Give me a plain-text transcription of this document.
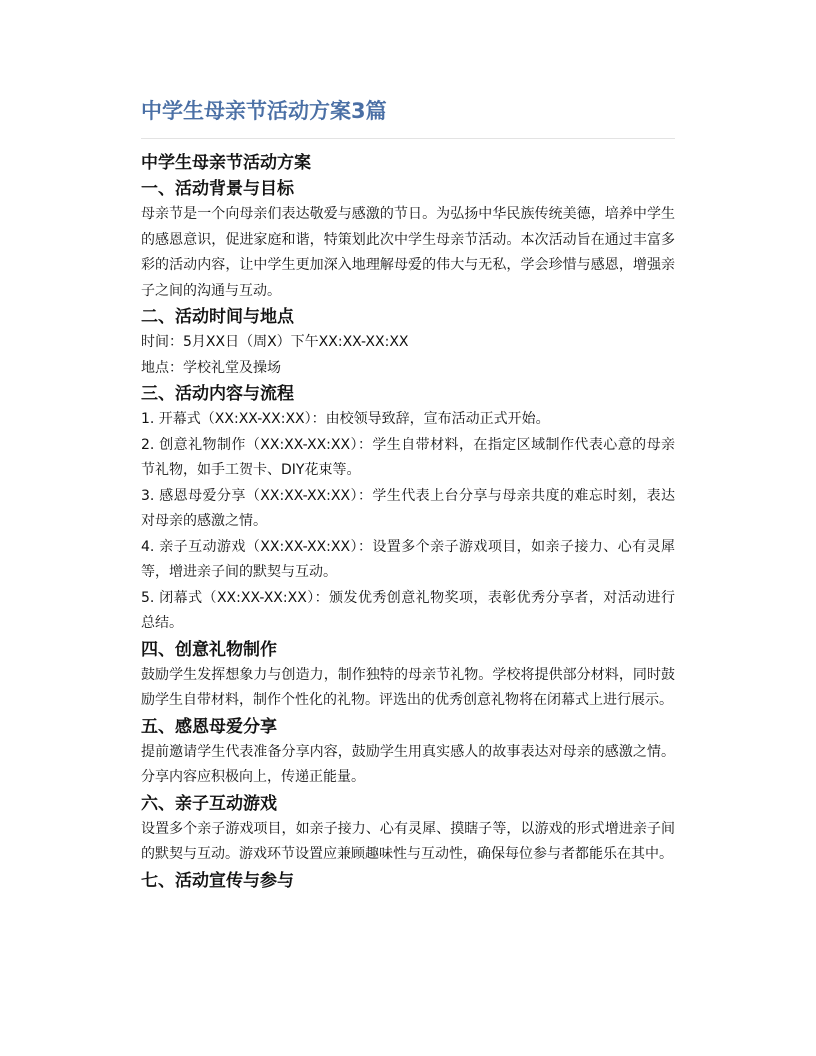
中学生母亲节活动方案3篇
中学生母亲节活动方案
一、活动背景与目标

母亲节是一个向母亲们表达敬爱与感激的节日。为弘扬中华民族传统美德，培养中学生的感恩意识，促进家庭和谐，特策划此次中学生母亲节活动。本次活动旨在通过丰富多彩的活动内容，让中学生更加深入地理解母爱的伟大与无私，学会珍惜与感恩，增强亲子之间的沟通与互动。

二、活动时间与地点

时间：5月XX日（周X）下午XX:XX-XX:XX

地点：学校礼堂及操场

三、活动内容与流程

1. 开幕式（XX:XX-XX:XX）：由校领导致辞，宣布活动正式开始。

2. 创意礼物制作（XX:XX-XX:XX）：学生自带材料，在指定区域制作代表心意的母亲节礼物，如手工贺卡、DIY花束等。

3. 感恩母爱分享（XX:XX-XX:XX）：学生代表上台分享与母亲共度的难忘时刻，表达对母亲的感激之情。

4. 亲子互动游戏（XX:XX-XX:XX）：设置多个亲子游戏项目，如亲子接力、心有灵犀等，增进亲子间的默契与互动。

5. 闭幕式（XX:XX-XX:XX）：颁发优秀创意礼物奖项，表彰优秀分享者，对活动进行总结。

四、创意礼物制作

鼓励学生发挥想象力与创造力，制作独特的母亲节礼物。学校将提供部分材料，同时鼓励学生自带材料，制作个性化的礼物。评选出的优秀创意礼物将在闭幕式上进行展示。

五、感恩母爱分享

提前邀请学生代表准备分享内容，鼓励学生用真实感人的故事表达对母亲的感激之情。分享内容应积极向上，传递正能量。

六、亲子互动游戏

设置多个亲子游戏项目，如亲子接力、心有灵犀、摸瞎子等，以游戏的形式增进亲子间的默契与互动。游戏环节设置应兼顾趣味性与互动性，确保每位参与者都能乐在其中。

七、活动宣传与参与
